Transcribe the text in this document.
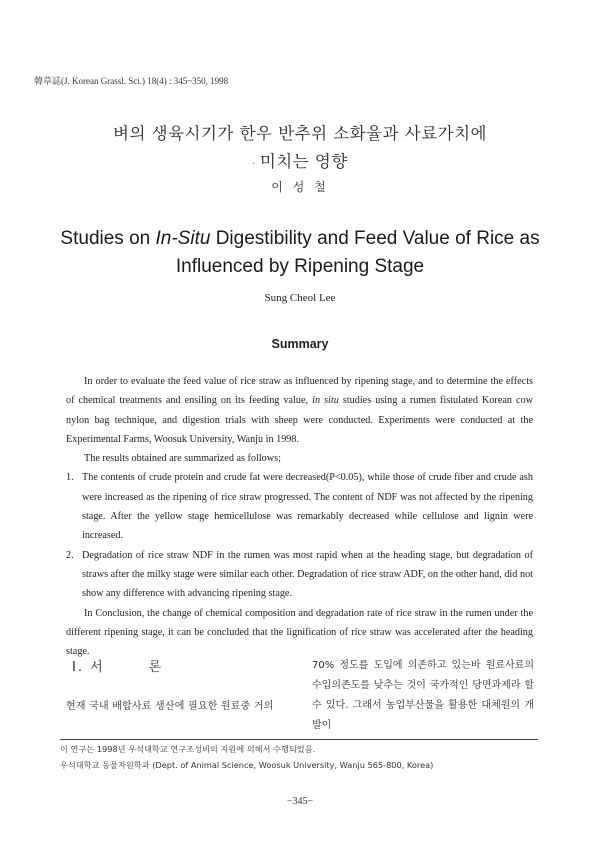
韓草誌(J. Korean Grassl. Sci.) 18(4) : 345~350, 1998
벼의 생육시기가 한우 반추위 소화율과 사료가치에
· 미치는 영향
이 성 철
Studies on In-Situ Digestibility and Feed Value of Rice as
Influenced by Ripening Stage
Sung Cheol Lee
Summary

In order to evaluate the feed value of rice straw as influenced by ripening stage, and to determine the effects of chemical treatments and ensiling on its feeding value, in situ studies using a rumen fistulated Korean cow nylon bag technique, and digestion trials with sheep were conducted. Experiments were conducted at the Experimental Farms, Woosuk University, Wanju in 1998.

The results obtained are summarized as follows;

1. The contents of crude protein and crude fat were decreased(P<0.05), while those of crude fiber and crude ash were increased as the ripening of rice straw progressed. The content of NDF was not affected by the ripening stage. After the yellow stage hemicellulose was remarkably decreased while cellulose and lignin were increased.
2. Degradation of rice straw NDF in the rumen was most rapid when at the heading stage, but degradation of straws after the milky stage were similar each other. Degradation of rice straw ADF, on the other hand, did not show any difference with advancing ripening stage.

In Conclusion, the change of chemical composition and degradation rate of rice straw in the rumen under the different ripening stage, it can be concluded that the lignification of rice straw was accelerated after the heading stage.

I. 서	론
현재 국내 배합사료 생산에 필요한 원료중 거의
70% 정도를 도입에 의존하고 있는바 원료사료의 수입의존도를 낮추는 것이 국가적인 당면과제라 할 수 있다. 그래서 농업부산물을 활용한 대체원의 개발이
이 연구는 1998년 우석대학교 연구조성비의 지원에 의해서 수행되었음.
우석대학교 동물자원학과 (Dept. of Animal Science, Woosuk University, Wanju 565-800, Korea)
−345−
